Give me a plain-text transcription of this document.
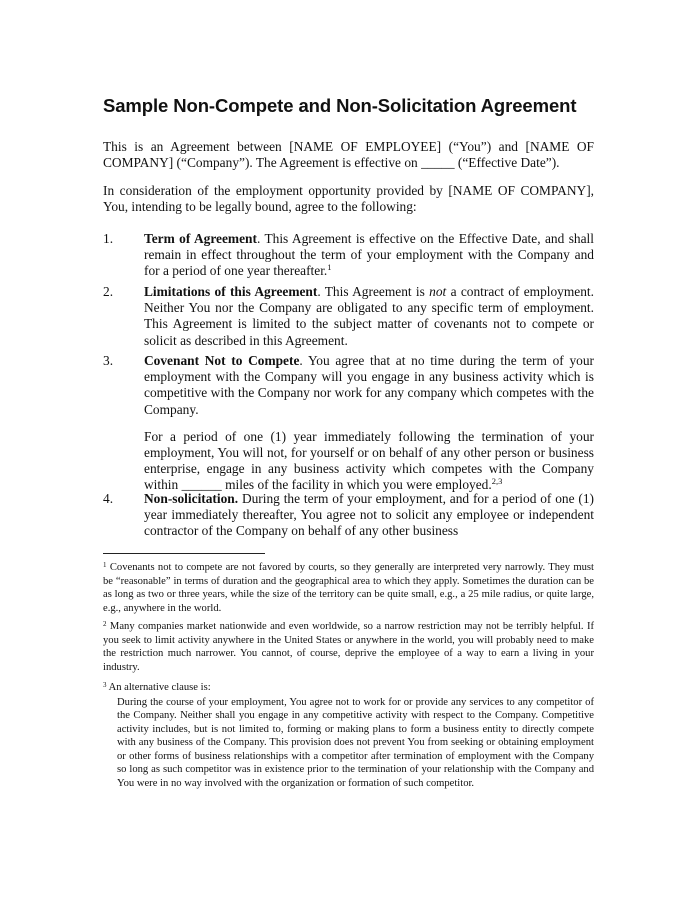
Sample Non-Compete and Non-Solicitation Agreement

This is an Agreement between [NAME OF EMPLOYEE] (“You”) and [NAME OF COMPANY] (“Company”). The Agreement is effective on _____ (“Effective Date”).

In consideration of the employment opportunity provided by [NAME OF COMPANY], You, intending to be legally bound, agree to the following:

1. Term of Agreement. This Agreement is effective on the Effective Date, and shall remain in effect throughout the term of your employment with the Company and for a period of one year thereafter.$^1$

2. Limitations of this Agreement. This Agreement is not a contract of employment. Neither You nor the Company are obligated to any specific term of employment. This Agreement is limited to the subject matter of covenants not to compete or solicit as described in this Agreement.

3. Covenant Not to Compete. You agree that at no time during the term of your employment with the Company will you engage in any business activity which is competitive with the Company nor work for any company which competes with the Company.

For a period of one (1) year immediately following the termination of your employment, You will not, for yourself or on behalf of any other person or business enterprise, engage in any business activity which competes with the Company within ______ miles of the facility in which you were employed.$^{2,3}$

4. Non-solicitation. During the term of your employment, and for a period of one (1) year immediately thereafter, You agree not to solicit any employee or independent contractor of the Company on behalf of any other business

$^1$ Covenants not to compete are not favored by courts, so they generally are interpreted very narrowly. They must be “reasonable” in terms of duration and the geographical area to which they apply. Sometimes the duration can be as long as two or three years, while the size of the territory can be quite small, e.g., a 25 mile radius, or quite large, e.g., anywhere in the world.

$^2$ Many companies market nationwide and even worldwide, so a narrow restriction may not be terribly helpful. If you seek to limit activity anywhere in the United States or anywhere in the world, you will probably need to make the restriction much narrower. You cannot, of course, deprive the employee of a way to earn a living in your industry.

$^3$ An alternative clause is:
During the course of your employment, You agree not to work for or provide any services to any competitor of the Company. Neither shall you engage in any competitive activity with respect to the Company. Competitive activity includes, but is not limited to, forming or making plans to form a business entity to directly compete with any business of the Company. This provision does not prevent You from seeking or obtaining employment or other forms of business relationships with a competitor after termination of employment with the Company so long as such competitor was in existence prior to the termination of your relationship with the Company and You were in no way involved with the organization or formation of such competitor.
